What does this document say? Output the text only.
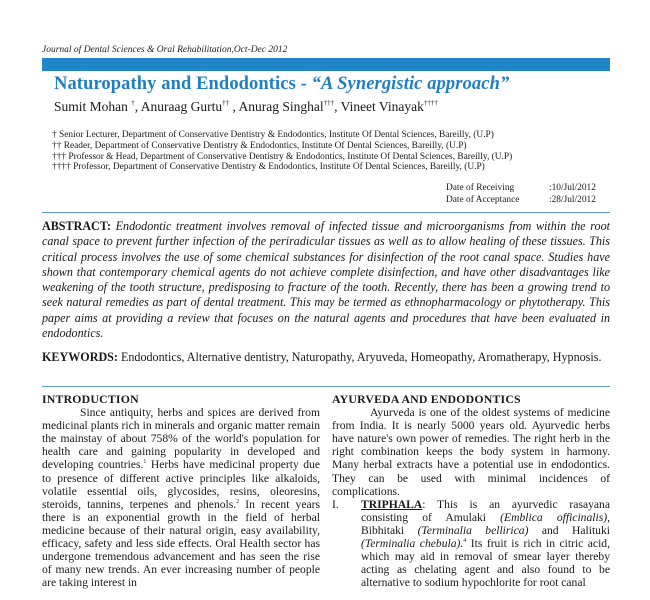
Journal of Dental Sciences & Oral Rehabilitation,Oct-Dec 2012
Naturopathy and Endodontics - “A Synergistic approach”
Sumit Mohan †, Anuraag Gurtu†† , Anurag Singhal†††, Vineet Vinayak††††
† Senior Lecturer, Department of Conservative Dentistry & Endodontics, Institute Of Dental Sciences, Bareilly, (U.P)
†† Reader, Department of Conservative Dentistry & Endodontics, Institute Of Dental Sciences, Bareilly, (U.P)
††† Professor & Head, Department of Conservative Dentistry & Endodontics, Institute Of Dental Sciences, Bareilly, (U.P)
†††† Professor, Department of Conservative Dentistry & Endodontics, Institute Of Dental Sciences, Bareilly, (U.P)
Date of Receiving	:10/Jul/2012
Date of Acceptance	:28/Jul/2012
ABSTRACT: Endodontic treatment involves removal of infected tissue and microorganisms from within the root canal space to prevent further infection of the periradicular tissues as well as to allow healing of these tissues. This critical process involves the use of some chemical substances for disinfection of the root canal space. Studies have shown that contemporary chemical agents do not achieve complete disinfection, and have other disadvantages like weakening of the tooth structure, predisposing to fracture of the tooth. Recently, there has been a growing trend to seek natural remedies as part of dental treatment. This may be termed as ethnopharmacology or phytotherapy. This paper aims at providing a review that focuses on the natural agents and procedures that have been evaluated in endodontics.
KEYWORDS: Endodontics, Alternative dentistry, Naturopathy, Aryuveda, Homeopathy, Aromatherapy, Hypnosis.
INTRODUCTION

Since antiquity, herbs and spices are derived from medicinal plants rich in minerals and organic matter remain the mainstay of about 758% of the world's population for health care and gaining popularity in developed and developing countries.$^1$ Herbs have medicinal property due to presence of different active principles like alkaloids, volatile essential oils, glycosides, resins, oleoresins, steroids, tannins, terpenes and phenols.$^2$ In recent years there is an exponential growth in the field of herbal medicine because of their natural origin, easy availability, efficacy, safety and less side effects. Oral Health sector has undergone tremendous advancement and has seen the rise of many new trends. An ever increasing number of people are taking interest in

AYURVEDA AND ENDODONTICS

Ayurveda is one of the oldest systems of medicine from India. It is nearly 5000 years old. Ayurvedic herbs have nature's own power of remedies. The right herb in the right combination keeps the body system in harmony. Many herbal extracts have a potential use in endodontics. They can be used with minimal incidences of complications.

I.	TRIPHALA: This is an ayurvedic rasayana consisting of Amulaki (Emblica officinalis), Bibhitaki (Terminalia bellirica) and Halituki (Terminalia chebula).$^4$ Its fruit is rich in citric acid, which may aid in removal of smear layer thereby acting as chelating agent and also found to be alternative to sodium hypochlorite for root canal
